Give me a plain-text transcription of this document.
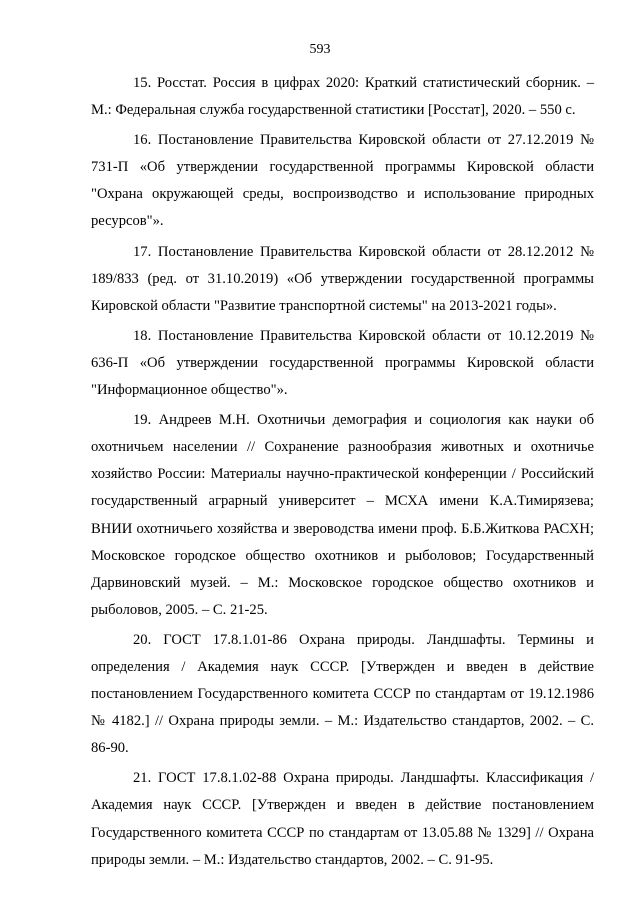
593

15. Росстат. Россия в цифрах 2020: Краткий статистический сборник. – М.: Федеральная служба государственной статистики [Росстат], 2020. – 550 с.

16. Постановление Правительства Кировской области от 27.12.2019 № 731-П «Об утверждении государственной программы Кировской области "Охрана окружающей среды, воспроизводство и использование природных ресурсов"».

17. Постановление Правительства Кировской области от 28.12.2012 № 189/833 (ред. от 31.10.2019) «Об утверждении государственной программы Кировской области "Развитие транспортной системы" на 2013-2021 годы».

18. Постановление Правительства Кировской области от 10.12.2019 № 636-П «Об утверждении государственной программы Кировской области "Информационное общество"».

19. Андреев М.Н. Охотничьи демография и социология как науки об охотничьем населении // Сохранение разнообразия животных и охотничье хозяйство России: Материалы научно-практической конференции / Российский государственный аграрный университет – МСХА имени К.А.Тимирязева; ВНИИ охотничьего хозяйства и звероводства имени проф. Б.Б.Житкова РАСХН; Московское городское общество охотников и рыболовов; Государственный Дарвиновский музей. – М.: Московское городское общество охотников и рыболовов, 2005. – С. 21-25.

20. ГОСТ 17.8.1.01-86 Охрана природы. Ландшафты. Термины и определения / Академия наук СССР. [Утвержден и введен в действие постановлением Государственного комитета СССР по стандартам от 19.12.1986 № 4182.] // Охрана природы земли. – М.: Издательство стандартов, 2002. – С. 86-90.

21. ГОСТ 17.8.1.02-88 Охрана природы. Ландшафты. Классификация / Академия наук СССР. [Утвержден и введен в действие постановлением Государственного комитета СССР по стандартам от 13.05.88 № 1329] // Охрана природы земли. – М.: Издательство стандартов, 2002. – С. 91-95.
